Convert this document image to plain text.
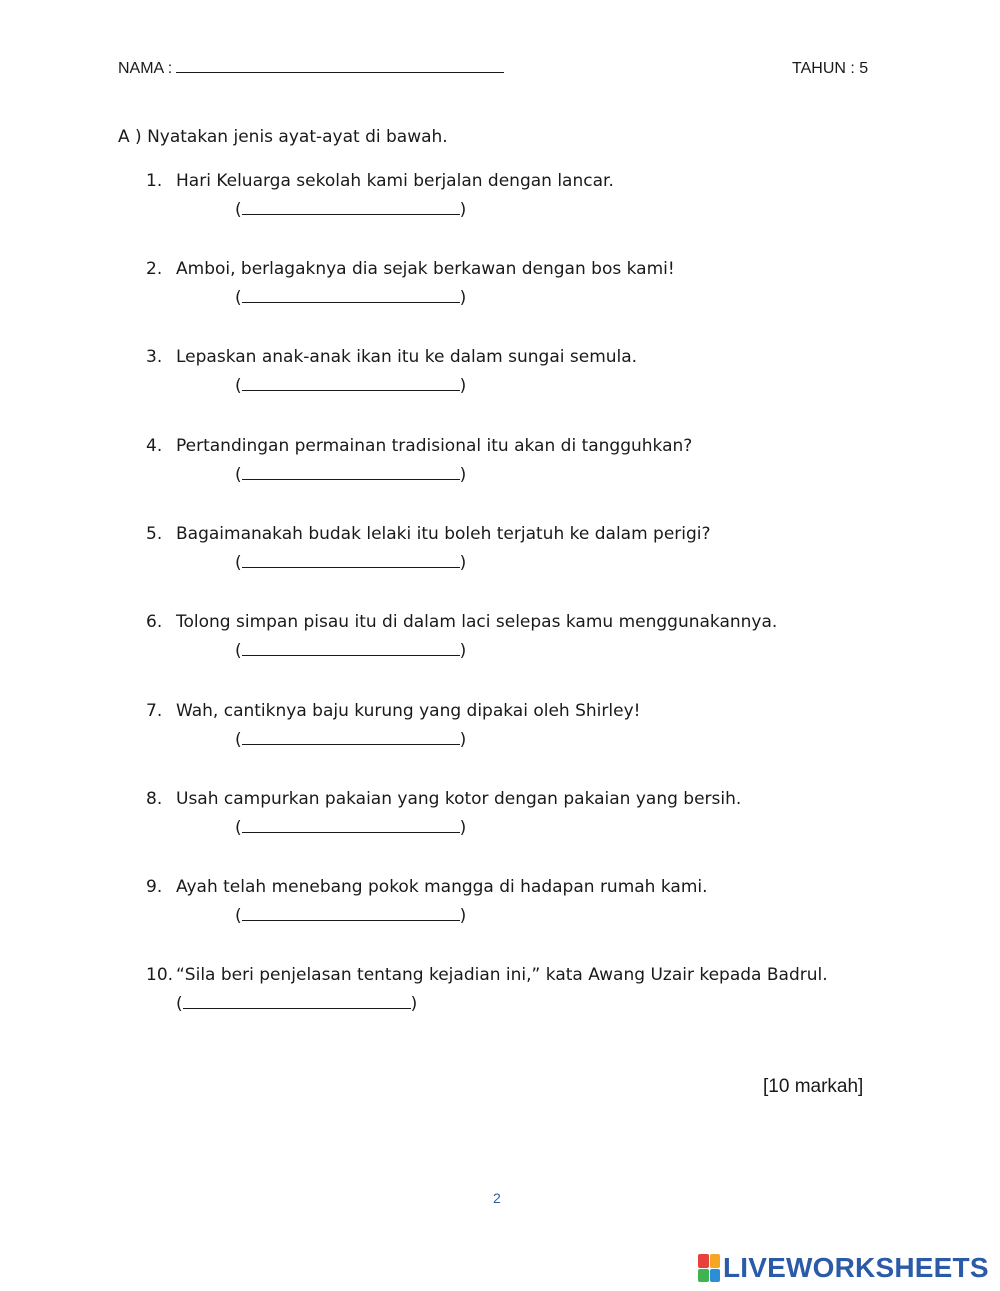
NAMA :	TAHUN : 5
A ) Nyatakan jenis ayat-ayat di bawah.
1. Hari Keluarga sekolah kami berjalan dengan lancar.
(	)
2. Amboi, berlagaknya dia sejak berkawan dengan bos kami!
(	)
3. Lepaskan anak-anak ikan itu ke dalam sungai semula.
(	)
4. Pertandingan permainan tradisional itu akan di tangguhkan?
(	)
5. Bagaimanakah budak lelaki itu boleh terjatuh ke dalam perigi?
(	)
6. Tolong simpan pisau itu di dalam laci selepas kamu menggunakannya.
(	)
7. Wah, cantiknya baju kurung yang dipakai oleh Shirley!
(	)
8. Usah campurkan pakaian yang kotor dengan pakaian yang bersih.
(	)
9. Ayah telah menebang pokok mangga di hadapan rumah kami.
(	)
10. “Sila beri penjelasan tentang kejadian ini,” kata Awang Uzair kepada Badrul.
(	)
[10 markah]
2
LIVEWORKSHEETS
